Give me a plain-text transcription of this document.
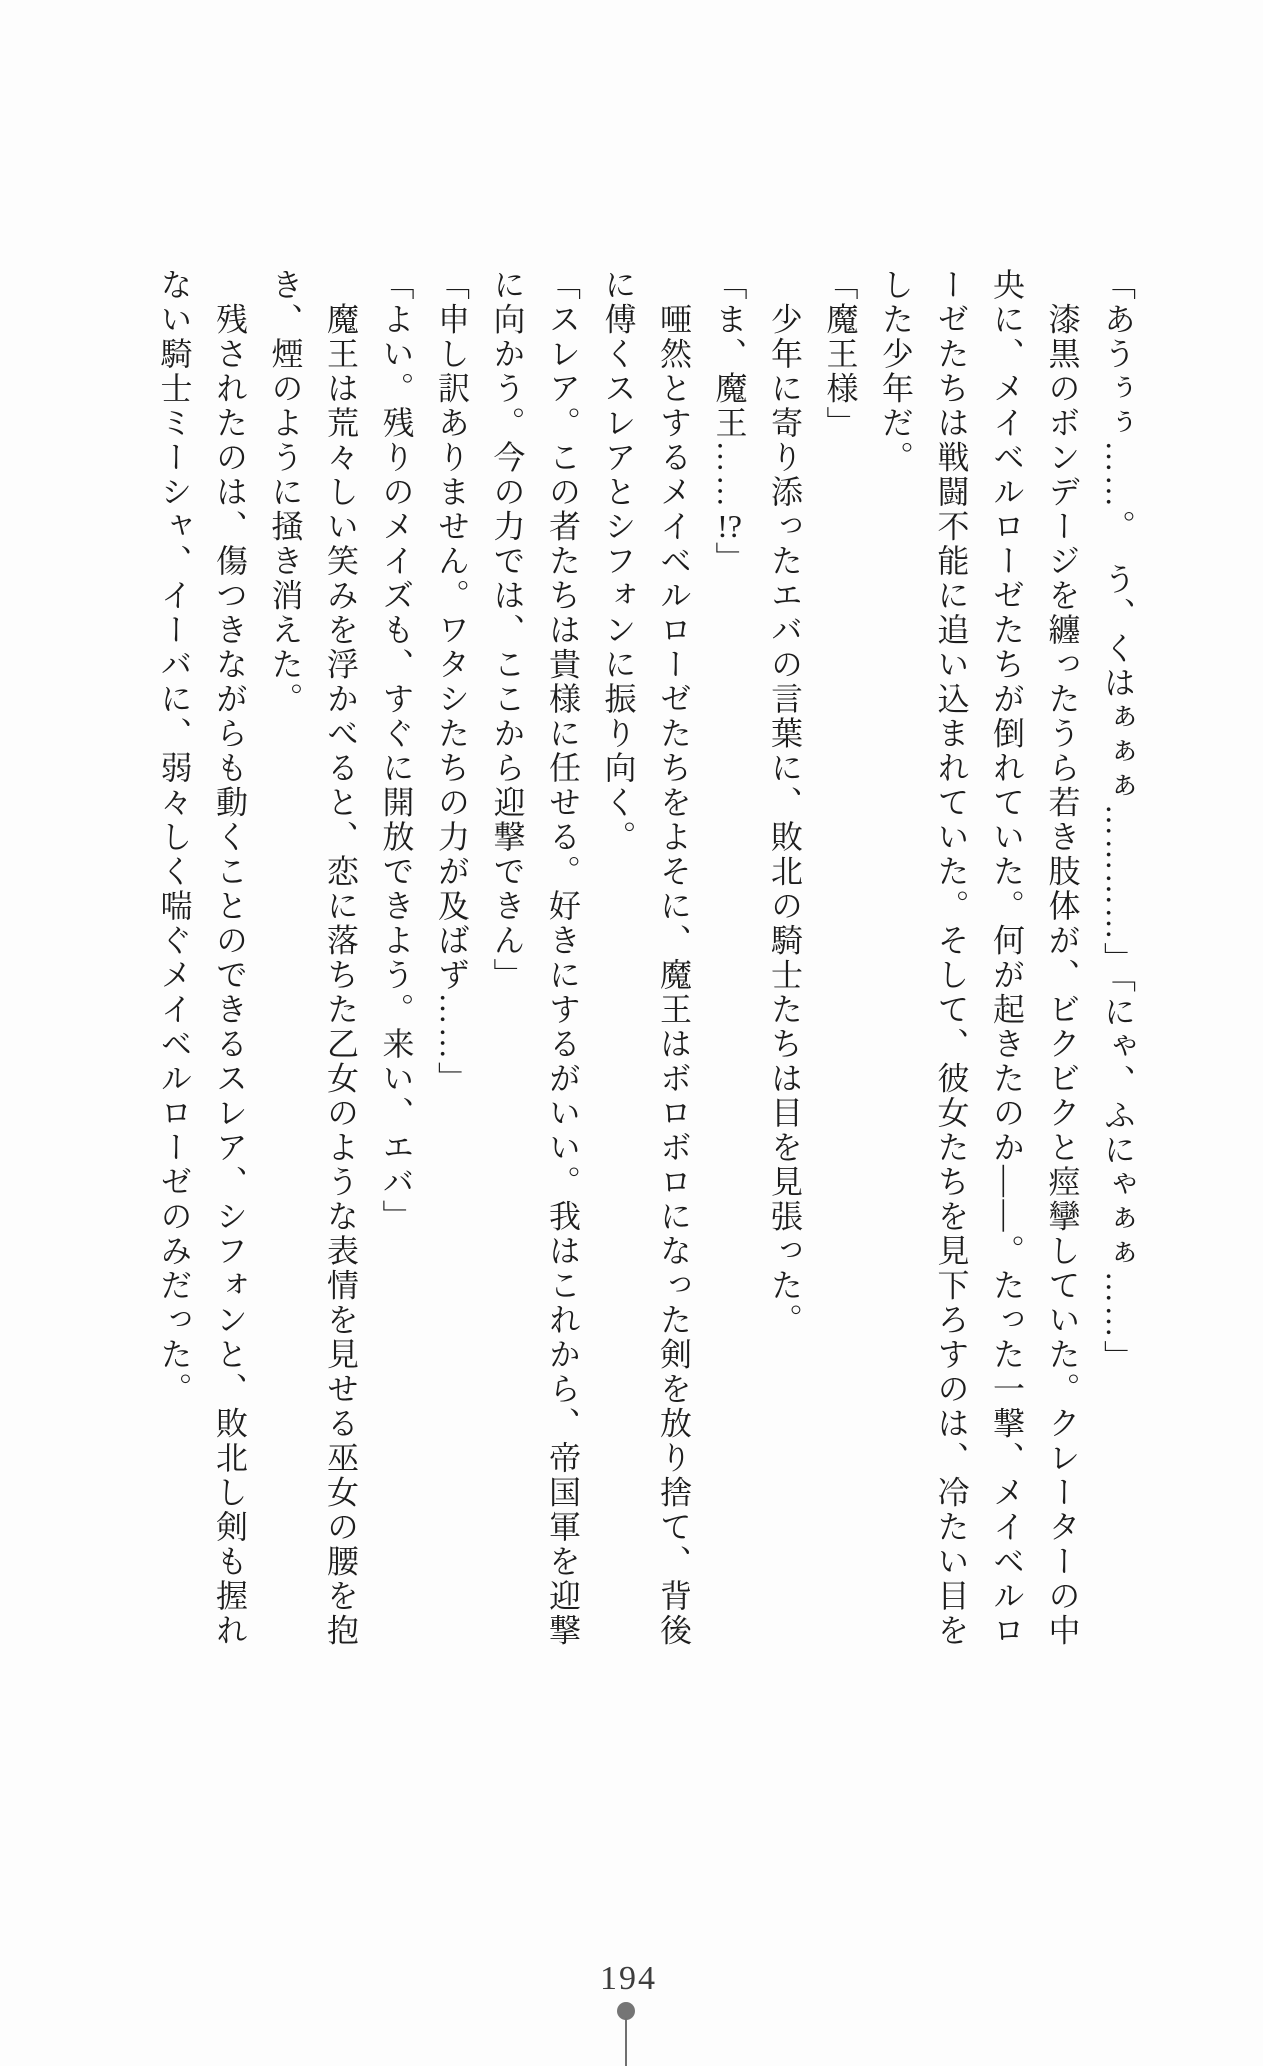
「あうぅぅ……。　う、くはぁぁぁ…………」「にゃ、ふにゃぁぁ……」
　漆黒のボンデージを纏ったうら若き肢体が、ビクビクと痙攣していた。クレーターの中
央に、メイベルローゼたちが倒れていた。何が起きたのか――。たった一撃、メイベルロ
ーゼたちは戦闘不能に追い込まれていた。そして、彼女たちを見下ろすのは、冷たい目を
した少年だ。
「魔王様」
　少年に寄り添ったエバの言葉に、敗北の騎士たちは目を見張った。
「ま、魔王……!?」
　唖然とするメイベルローゼたちをよそに、魔王はボロボロになった剣を放り捨て、背後
に傅くスレアとシフォンに振り向く。
「スレア。この者たちは貴様に任せる。好きにするがいい。我はこれから、帝国軍を迎撃
に向かう。今の力では、ここから迎撃できん」
「申し訳ありません。ワタシたちの力が及ばず……」
「よい。残りのメイズも、すぐに開放できよう。来い、エバ」
　魔王は荒々しい笑みを浮かべると、恋に落ちた乙女のような表情を見せる巫女の腰を抱
き、煙のように掻き消えた。
　残されたのは、傷つきながらも動くことのできるスレア、シフォンと、敗北し剣も握れ
ない騎士ミーシャ、イーバに、弱々しく喘ぐメイベルローゼのみだった。
194
